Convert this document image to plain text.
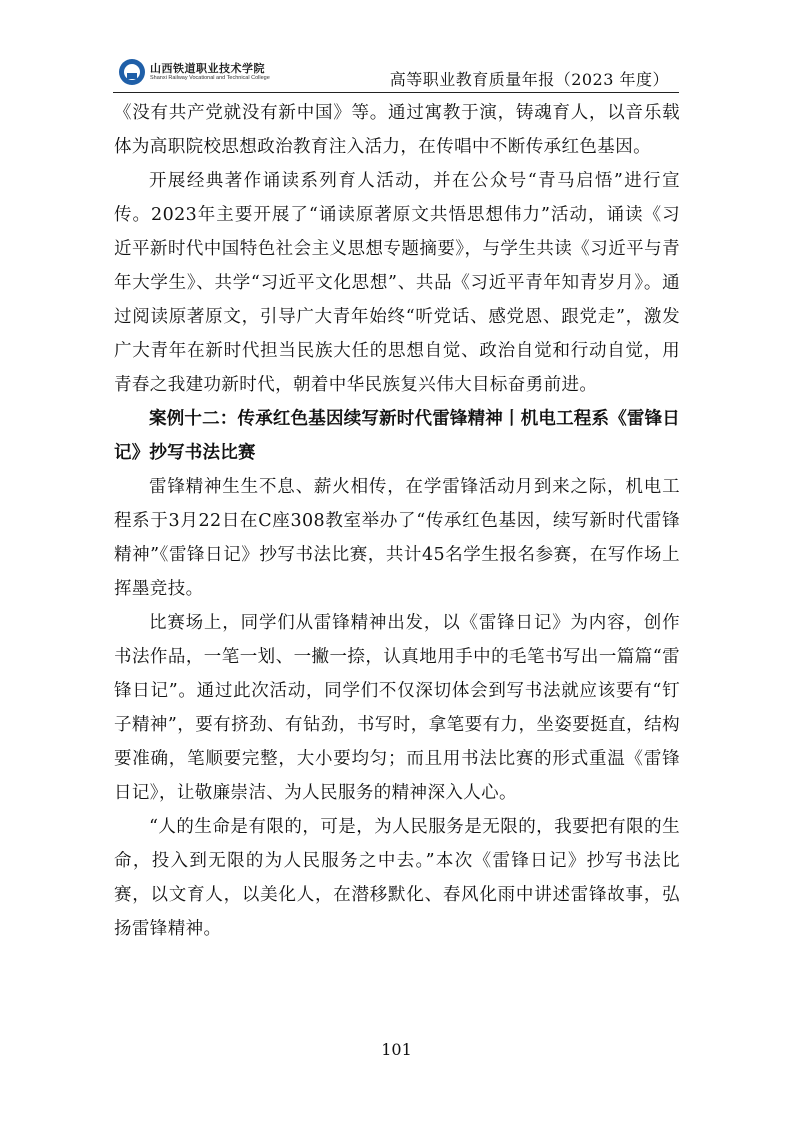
山西铁道职业技术学院
Shanxi Railway Vocational and Technical College	高等职业教育质量年报（2023 年度）

《没有共产党就没有新中国》等。通过寓教于演，铸魂育人，以音乐载体为高职院校思想政治教育注入活力，在传唱中不断传承红色基因。

开展经典著作诵读系列育人活动，并在公众号“青马启悟”进行宣传。2023年主要开展了“诵读原著原文共悟思想伟力”活动，诵读《习近平新时代中国特色社会主义思想专题摘要》，与学生共读《习近平与青年大学生》、共学“习近平文化思想”、共品《习近平青年知青岁月》。通过阅读原著原文，引导广大青年始终“听党话、感党恩、跟党走”，激发广大青年在新时代担当民族大任的思想自觉、政治自觉和行动自觉，用青春之我建功新时代，朝着中华民族复兴伟大目标奋勇前进。

案例十二：传承红色基因续写新时代雷锋精神丨机电工程系《雷锋日记》抄写书法比赛

雷锋精神生生不息、薪火相传，在学雷锋活动月到来之际，机电工程系于3月22日在C座308教室举办了“传承红色基因，续写新时代雷锋精神”《雷锋日记》抄写书法比赛，共计45名学生报名参赛，在写作场上挥墨竞技。

比赛场上，同学们从雷锋精神出发，以《雷锋日记》为内容，创作书法作品，一笔一划、一撇一捺，认真地用手中的毛笔书写出一篇篇“雷锋日记”。通过此次活动，同学们不仅深切体会到写书法就应该要有“钉子精神”，要有挤劲、有钻劲，书写时，拿笔要有力，坐姿要挺直，结构要准确，笔顺要完整，大小要均匀；而且用书法比赛的形式重温《雷锋日记》，让敬廉崇洁、为人民服务的精神深入人心。

“人的生命是有限的，可是，为人民服务是无限的，我要把有限的生命，投入到无限的为人民服务之中去。”本次《雷锋日记》抄写书法比赛，以文育人，以美化人，在潜移默化、春风化雨中讲述雷锋故事，弘扬雷锋精神。

101
